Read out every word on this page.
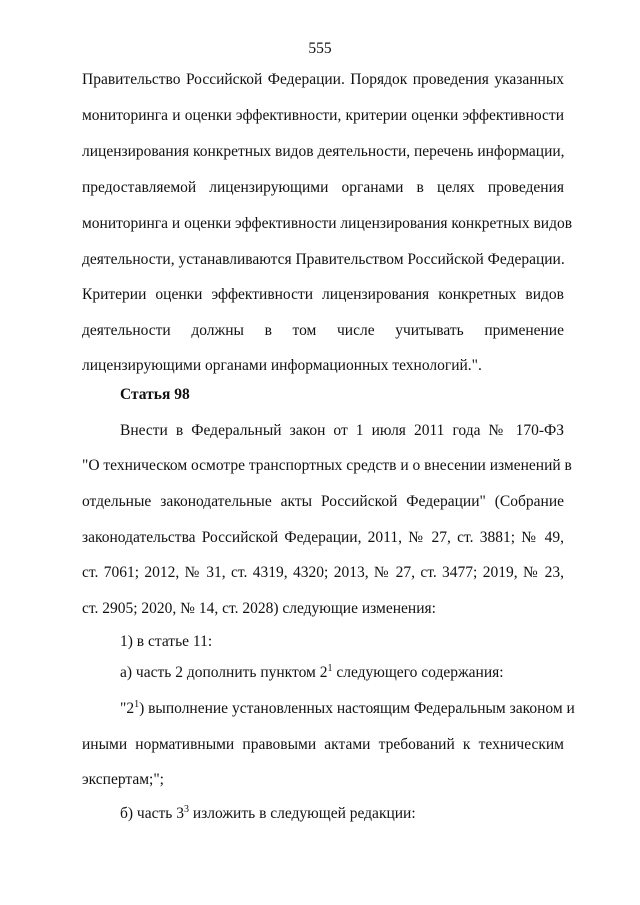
555
Правительство Российской Федерации. Порядок проведения указанных
мониторинга и оценки эффективности, критерии оценки эффективности
лицензирования конкретных видов деятельности, перечень информации,
предоставляемой лицензирующими органами в целях проведения
мониторинга и оценки эффективности лицензирования конкретных видов
деятельности, устанавливаются Правительством Российской Федерации.
Критерии оценки эффективности лицензирования конкретных видов
деятельности должны в том числе учитывать применение
лицензирующими органами информационных технологий.".
Статья 98
Внести в Федеральный закон от 1 июля 2011 года № 170-ФЗ
"О техническом осмотре транспортных средств и о внесении изменений в
отдельные законодательные акты Российской Федерации" (Собрание
законодательства Российской Федерации, 2011, № 27, ст. 3881; № 49,
ст. 7061; 2012, № 31, ст. 4319, 4320; 2013, № 27, ст. 3477; 2019, № 23,
ст. 2905; 2020, № 14, ст. 2028) следующие изменения:
1) в статье 11:
а) часть 2 дополнить пунктом $2^1$ следующего содержания:
"$2^1$) выполнение установленных настоящим Федеральным законом и
иными нормативными правовыми актами требований к техническим
экспертам;";
б) часть $3^3$ изложить в следующей редакции:
